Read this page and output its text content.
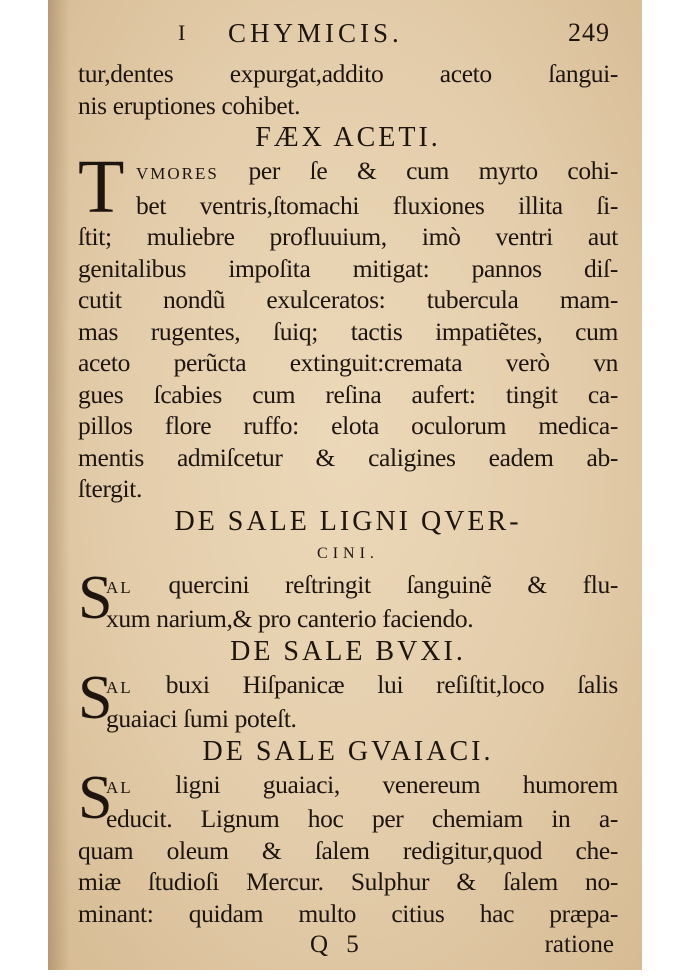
I CHYMICIS.	249
tur,dentes expurgat,addito aceto ſangui-
nis eruptiones cohibet.
FÆX ACETI.
T VMORES per ſe & cum myrto cohi-
bet ventris,ſtomachi fluxiones illita ſi-
ſtit; muliebre profluuium, imò ventri aut
genitalibus impoſita mitigat: pannos diſ-
cutit nondũ exulceratos: tubercula mam-
mas rugentes, ſuiq; tactis impatiẽtes, cum
aceto perũcta extinguit:cremata verò vn
gues ſcabies cum reſina aufert: tingit ca-
pillos flore ruffo: elota oculorum medica-
mentis admiſcetur & caligines eadem ab-
ſtergit.
DE SALE LIGNI QVER-
CINI.
S
AL quercini reſtringit ſanguinẽ & flu-
xum narium,& pro canterio faciendo.
DE SALE BVXI.
S
AL buxi Hiſpanicæ lui reſiſtit,loco ſalis
guaiaci ſumi poteſt.
DE SALE GVAIACI.
S
AL ligni guaiaci, venereum humorem
educit. Lignum hoc per chemiam in a-
quam oleum & ſalem redigitur,quod che-
miæ ſtudioſi Mercur. Sulphur & ſalem no-
minant: quidam multo citius hac præpa-
Q 5	ratione
